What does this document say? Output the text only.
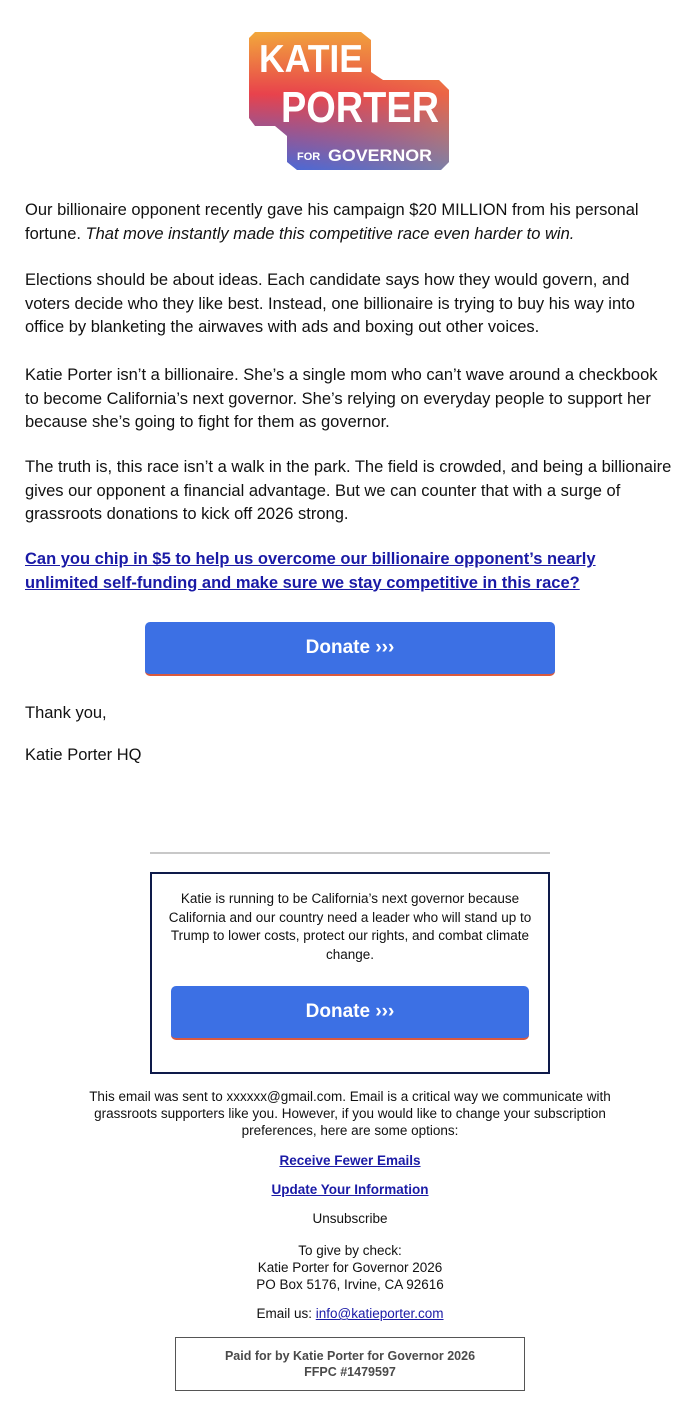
KATIE
PORTER
FOR GOVERNOR

Our billionaire opponent recently gave his campaign $20 MILLION from his personal fortune. That move instantly made this competitive race even harder to win.

Elections should be about ideas. Each candidate says how they would govern, and voters decide who they like best. Instead, one billionaire is trying to buy his way into office by blanketing the airwaves with ads and boxing out other voices.

Katie Porter isn’t a billionaire. She’s a single mom who can’t wave around a checkbook to become California’s next governor. She’s relying on everyday people to support her because she’s going to fight for them as governor.

The truth is, this race isn’t a walk in the park. The field is crowded, and being a billionaire gives our opponent a financial advantage. But we can counter that with a surge of grassroots donations to kick off 2026 strong.

Can you chip in $5 to help us overcome our billionaire opponent’s nearly unlimited self-funding and make sure we stay competitive in this race?
Donate ›››
Thank you,
Katie Porter HQ
Katie is running to be California’s next governor because California and our country need a leader who will stand up to Trump to lower costs, protect our rights, and combat climate change.
Donate ›››
This email was sent to xxxxxx@gmail.com. Email is a critical way we communicate with grassroots supporters like you. However, if you would like to change your subscription preferences, here are some options:
Receive Fewer Emails
Update Your Information
Unsubscribe
To give by check:
Katie Porter for Governor 2026
PO Box 5176, Irvine, CA 92616
Email us: info@katieporter.com
Paid for by Katie Porter for Governor 2026
FFPC #1479597
